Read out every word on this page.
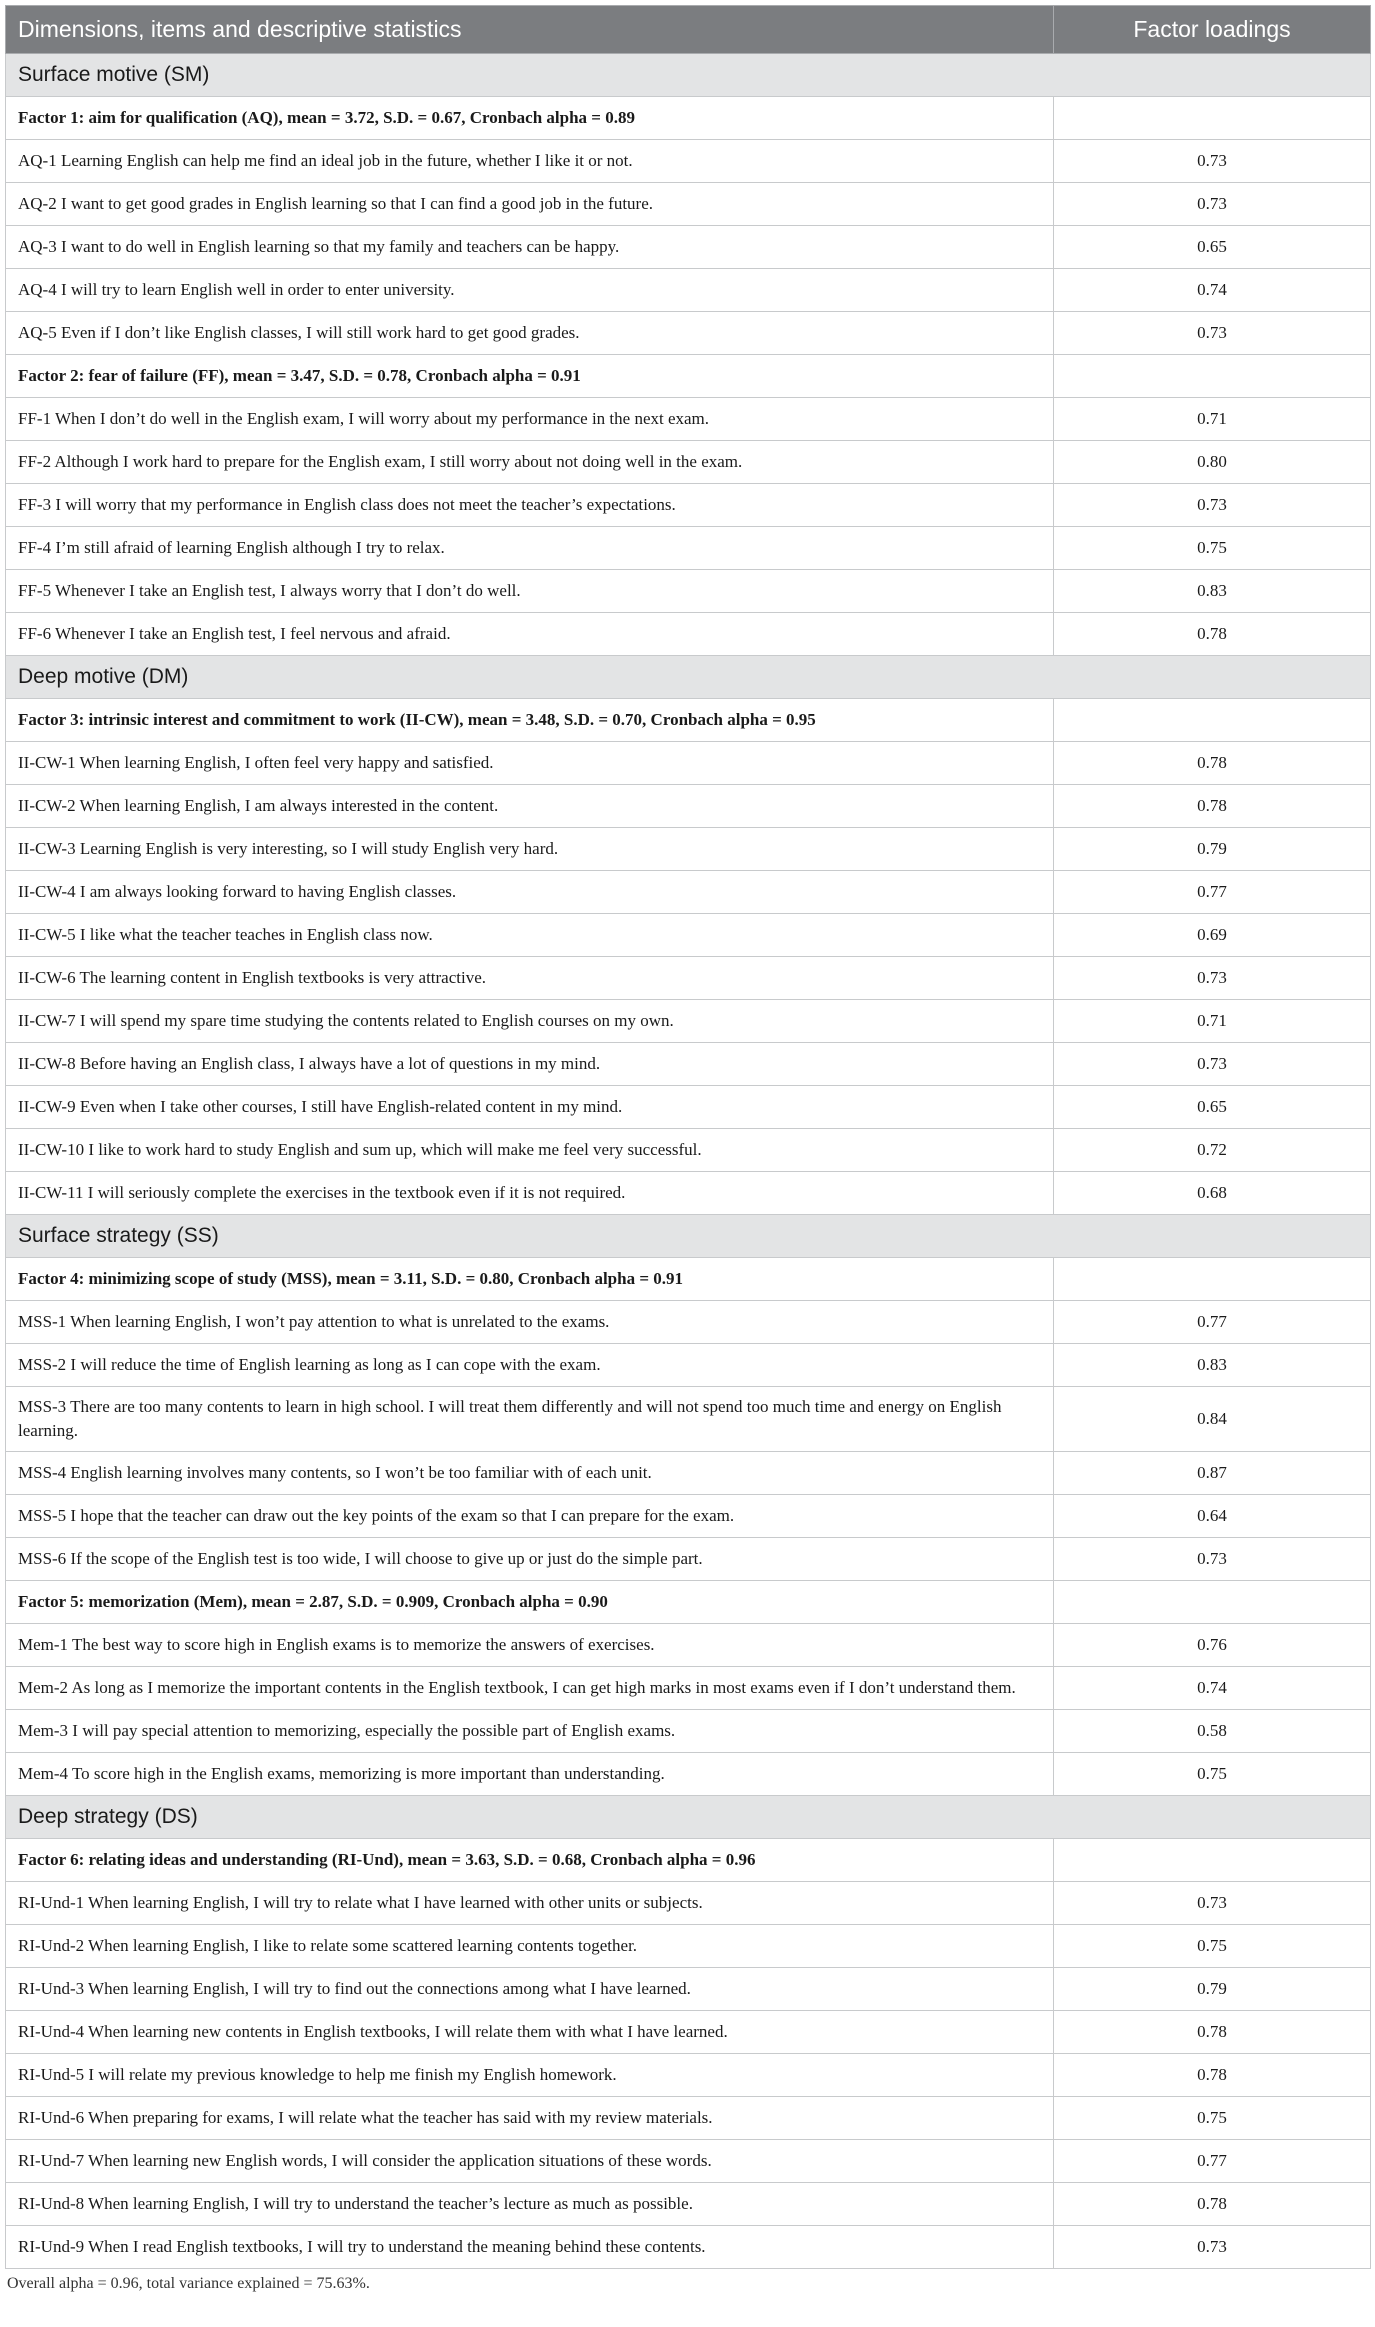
Dimensions, items and descriptive statistics	Factor loadings
Surface motive (SM)	
Factor 1: aim for qualification (AQ), mean = 3.72, S.D. = 0.67, Cronbach alpha = 0.89	
AQ-1 Learning English can help me find an ideal job in the future, whether I like it or not.	0.73
AQ-2 I want to get good grades in English learning so that I can find a good job in the future.	0.73
AQ-3 I want to do well in English learning so that my family and teachers can be happy.	0.65
AQ-4 I will try to learn English well in order to enter university.	0.74
AQ-5 Even if I don’t like English classes, I will still work hard to get good grades.	0.73
Factor 2: fear of failure (FF), mean = 3.47, S.D. = 0.78, Cronbach alpha = 0.91	
FF-1 When I don’t do well in the English exam, I will worry about my performance in the next exam.	0.71
FF-2 Although I work hard to prepare for the English exam, I still worry about not doing well in the exam.	0.80
FF-3 I will worry that my performance in English class does not meet the teacher’s expectations.	0.73
FF-4 I’m still afraid of learning English although I try to relax.	0.75
FF-5 Whenever I take an English test, I always worry that I don’t do well.	0.83
FF-6 Whenever I take an English test, I feel nervous and afraid.	0.78
Deep motive (DM)	
Factor 3: intrinsic interest and commitment to work (II-CW), mean = 3.48, S.D. = 0.70, Cronbach alpha = 0.95	
II-CW-1 When learning English, I often feel very happy and satisfied.	0.78
II-CW-2 When learning English, I am always interested in the content.	0.78
II-CW-3 Learning English is very interesting, so I will study English very hard.	0.79
II-CW-4 I am always looking forward to having English classes.	0.77
II-CW-5 I like what the teacher teaches in English class now.	0.69
II-CW-6 The learning content in English textbooks is very attractive.	0.73
II-CW-7 I will spend my spare time studying the contents related to English courses on my own.	0.71
II-CW-8 Before having an English class, I always have a lot of questions in my mind.	0.73
II-CW-9 Even when I take other courses, I still have English-related content in my mind.	0.65
II-CW-10 I like to work hard to study English and sum up, which will make me feel very successful.	0.72
II-CW-11 I will seriously complete the exercises in the textbook even if it is not required.	0.68
Surface strategy (SS)	
Factor 4: minimizing scope of study (MSS), mean = 3.11, S.D. = 0.80, Cronbach alpha = 0.91	
MSS-1 When learning English, I won’t pay attention to what is unrelated to the exams.	0.77
MSS-2 I will reduce the time of English learning as long as I can cope with the exam.	0.83
MSS-3 There are too many contents to learn in high school. I will treat them differently and will not spend too much time and energy on English learning.	0.84
MSS-4 English learning involves many contents, so I won’t be too familiar with of each unit.	0.87
MSS-5 I hope that the teacher can draw out the key points of the exam so that I can prepare for the exam.	0.64
MSS-6 If the scope of the English test is too wide, I will choose to give up or just do the simple part.	0.73
Factor 5: memorization (Mem), mean = 2.87, S.D. = 0.909, Cronbach alpha = 0.90	
Mem-1 The best way to score high in English exams is to memorize the answers of exercises.	0.76
Mem-2 As long as I memorize the important contents in the English textbook, I can get high marks in most exams even if I don’t understand them.	0.74
Mem-3 I will pay special attention to memorizing, especially the possible part of English exams.	0.58
Mem-4 To score high in the English exams, memorizing is more important than understanding.	0.75
Deep strategy (DS)	
Factor 6: relating ideas and understanding (RI-Und), mean = 3.63, S.D. = 0.68, Cronbach alpha = 0.96	
RI-Und-1 When learning English, I will try to relate what I have learned with other units or subjects.	0.73
RI-Und-2 When learning English, I like to relate some scattered learning contents together.	0.75
RI-Und-3 When learning English, I will try to find out the connections among what I have learned.	0.79
RI-Und-4 When learning new contents in English textbooks, I will relate them with what I have learned.	0.78
RI-Und-5 I will relate my previous knowledge to help me finish my English homework.	0.78
RI-Und-6 When preparing for exams, I will relate what the teacher has said with my review materials.	0.75
RI-Und-7 When learning new English words, I will consider the application situations of these words.	0.77
RI-Und-8 When learning English, I will try to understand the teacher’s lecture as much as possible.	0.78
RI-Und-9 When I read English textbooks, I will try to understand the meaning behind these contents.	0.73
Overall alpha = 0.96, total variance explained = 75.63%.
